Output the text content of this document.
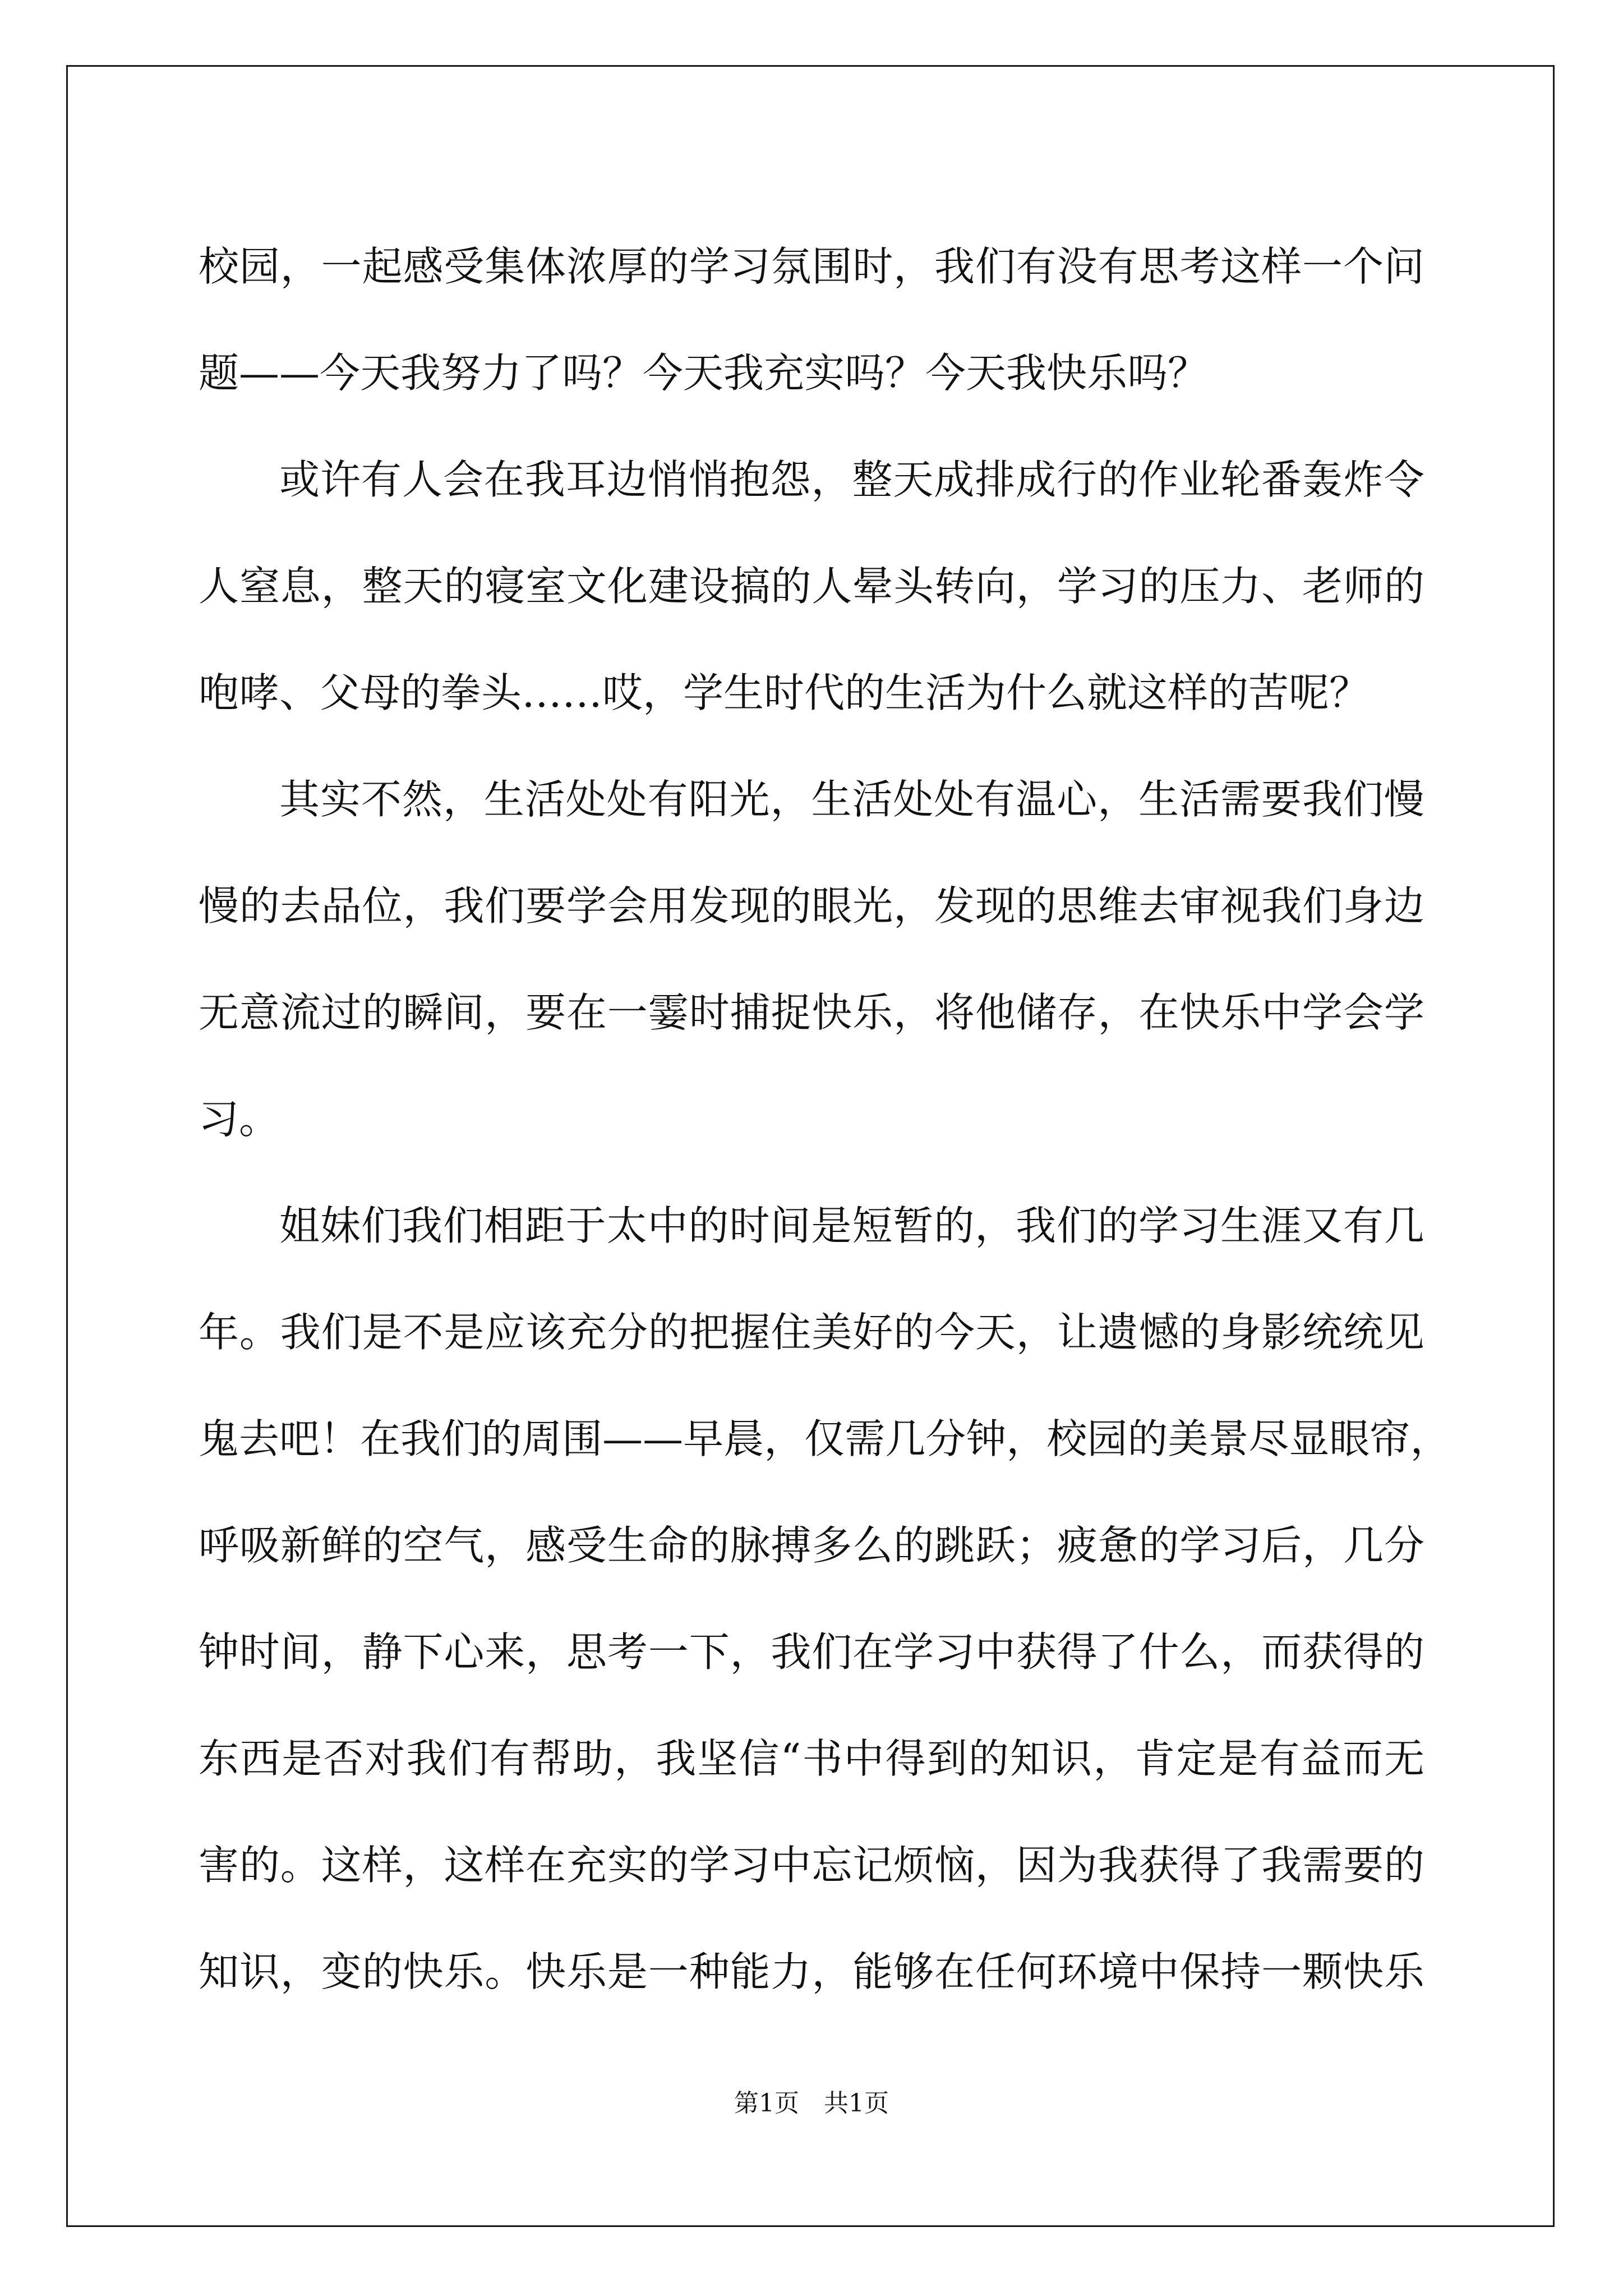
校 园 ， 一 起 感 受 集 体 浓 厚 的 学 习 氛 围 时 ， 我 们 有 没 有 思 考 这 样 一 个 问
题——今天我努力了吗？今天我充实吗？今天我快乐吗？
或 许 有 人 会 在 我 耳 边 悄 悄 抱 怨 ， 整 天 成 排 成 行 的 作 业 轮 番 轰 炸 令
人 窒 息 ， 整 天 的 寝 室 文 化 建 设 搞 的 人 晕 头 转 向 ， 学 习 的 压 力 、 老 师 的
咆哮、父母的拳头……哎，学生时代的生活为什么就这样的苦呢？
其 实 不 然 ， 生 活 处 处 有 阳 光 ， 生 活 处 处 有 温 心 ， 生 活 需 要 我 们 慢
慢 的 去 品 位 ， 我 们 要 学 会 用 发 现 的 眼 光 ， 发 现 的 思 维 去 审 视 我 们 身 边
无 意 流 过 的 瞬 间 ， 要 在 一 霎 时 捕 捉 快 乐 ， 将 他 储 存 ， 在 快 乐 中 学 会 学
习。
姐 妹 们 我 们 相 距 于 太 中 的 时 间 是 短 暂 的 ， 我 们 的 学 习 生 涯 又 有 几
年 。 我 们 是 不 是 应 该 充 分 的 把 握 住 美 好 的 今 天 ， 让 遗 憾 的 身 影 统 统 见
鬼 去 吧 ！ 在 我 们 的 周 围 — — 早 晨 ， 仅 需 几 分 钟 ， 校 园 的 美 景 尽 显 眼 帘 ，
呼 吸 新 鲜 的 空 气 ， 感 受 生 命 的 脉 搏 多 么 的 跳 跃 ； 疲 惫 的 学 习 后 ， 几 分
钟 时 间 ， 静 下 心 来 ， 思 考 一 下 ， 我 们 在 学 习 中 获 得 了 什 么 ， 而 获 得 的
东 西 是 否 对 我 们 有 帮 助 ， 我 坚 信 “ 书 中 得 到 的 知 识 ， 肯 定 是 有 益 而 无
害 的 。 这 样 ， 这 样 在 充 实 的 学 习 中 忘 记 烦 恼 ， 因 为 我 获 得 了 我 需 要 的
知 识 ， 变 的 快 乐 。 快 乐 是 一 种 能 力 ， 能 够 在 任 何 环 境 中 保 持 一 颗 快 乐
第1页 共1页
